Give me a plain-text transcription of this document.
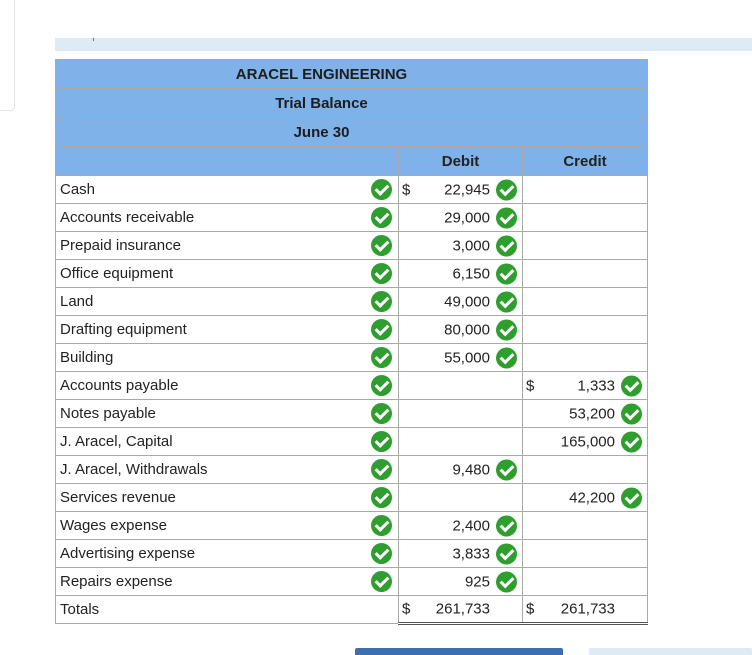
ARACEL ENGINEERING			
Trial Balance			
June 30			
		Debit	Credit
Cash		$ 22,945	

Accounts receivable		29,000	

Prepaid insurance		3,000	

Office equipment		6,150	

Land		49,000	

Drafting equipment		80,000	

Building		55,000	

Accounts payable			$ 1,333

Notes payable			53,200

J. Aracel, Capital			165,000

J. Aracel, Withdrawals		9,480	

Services revenue			42,200

Wages expense		2,400	

Advertising expense		3,833	

Repairs expense		925	

Totals		$ 261,733	$ 261,733
